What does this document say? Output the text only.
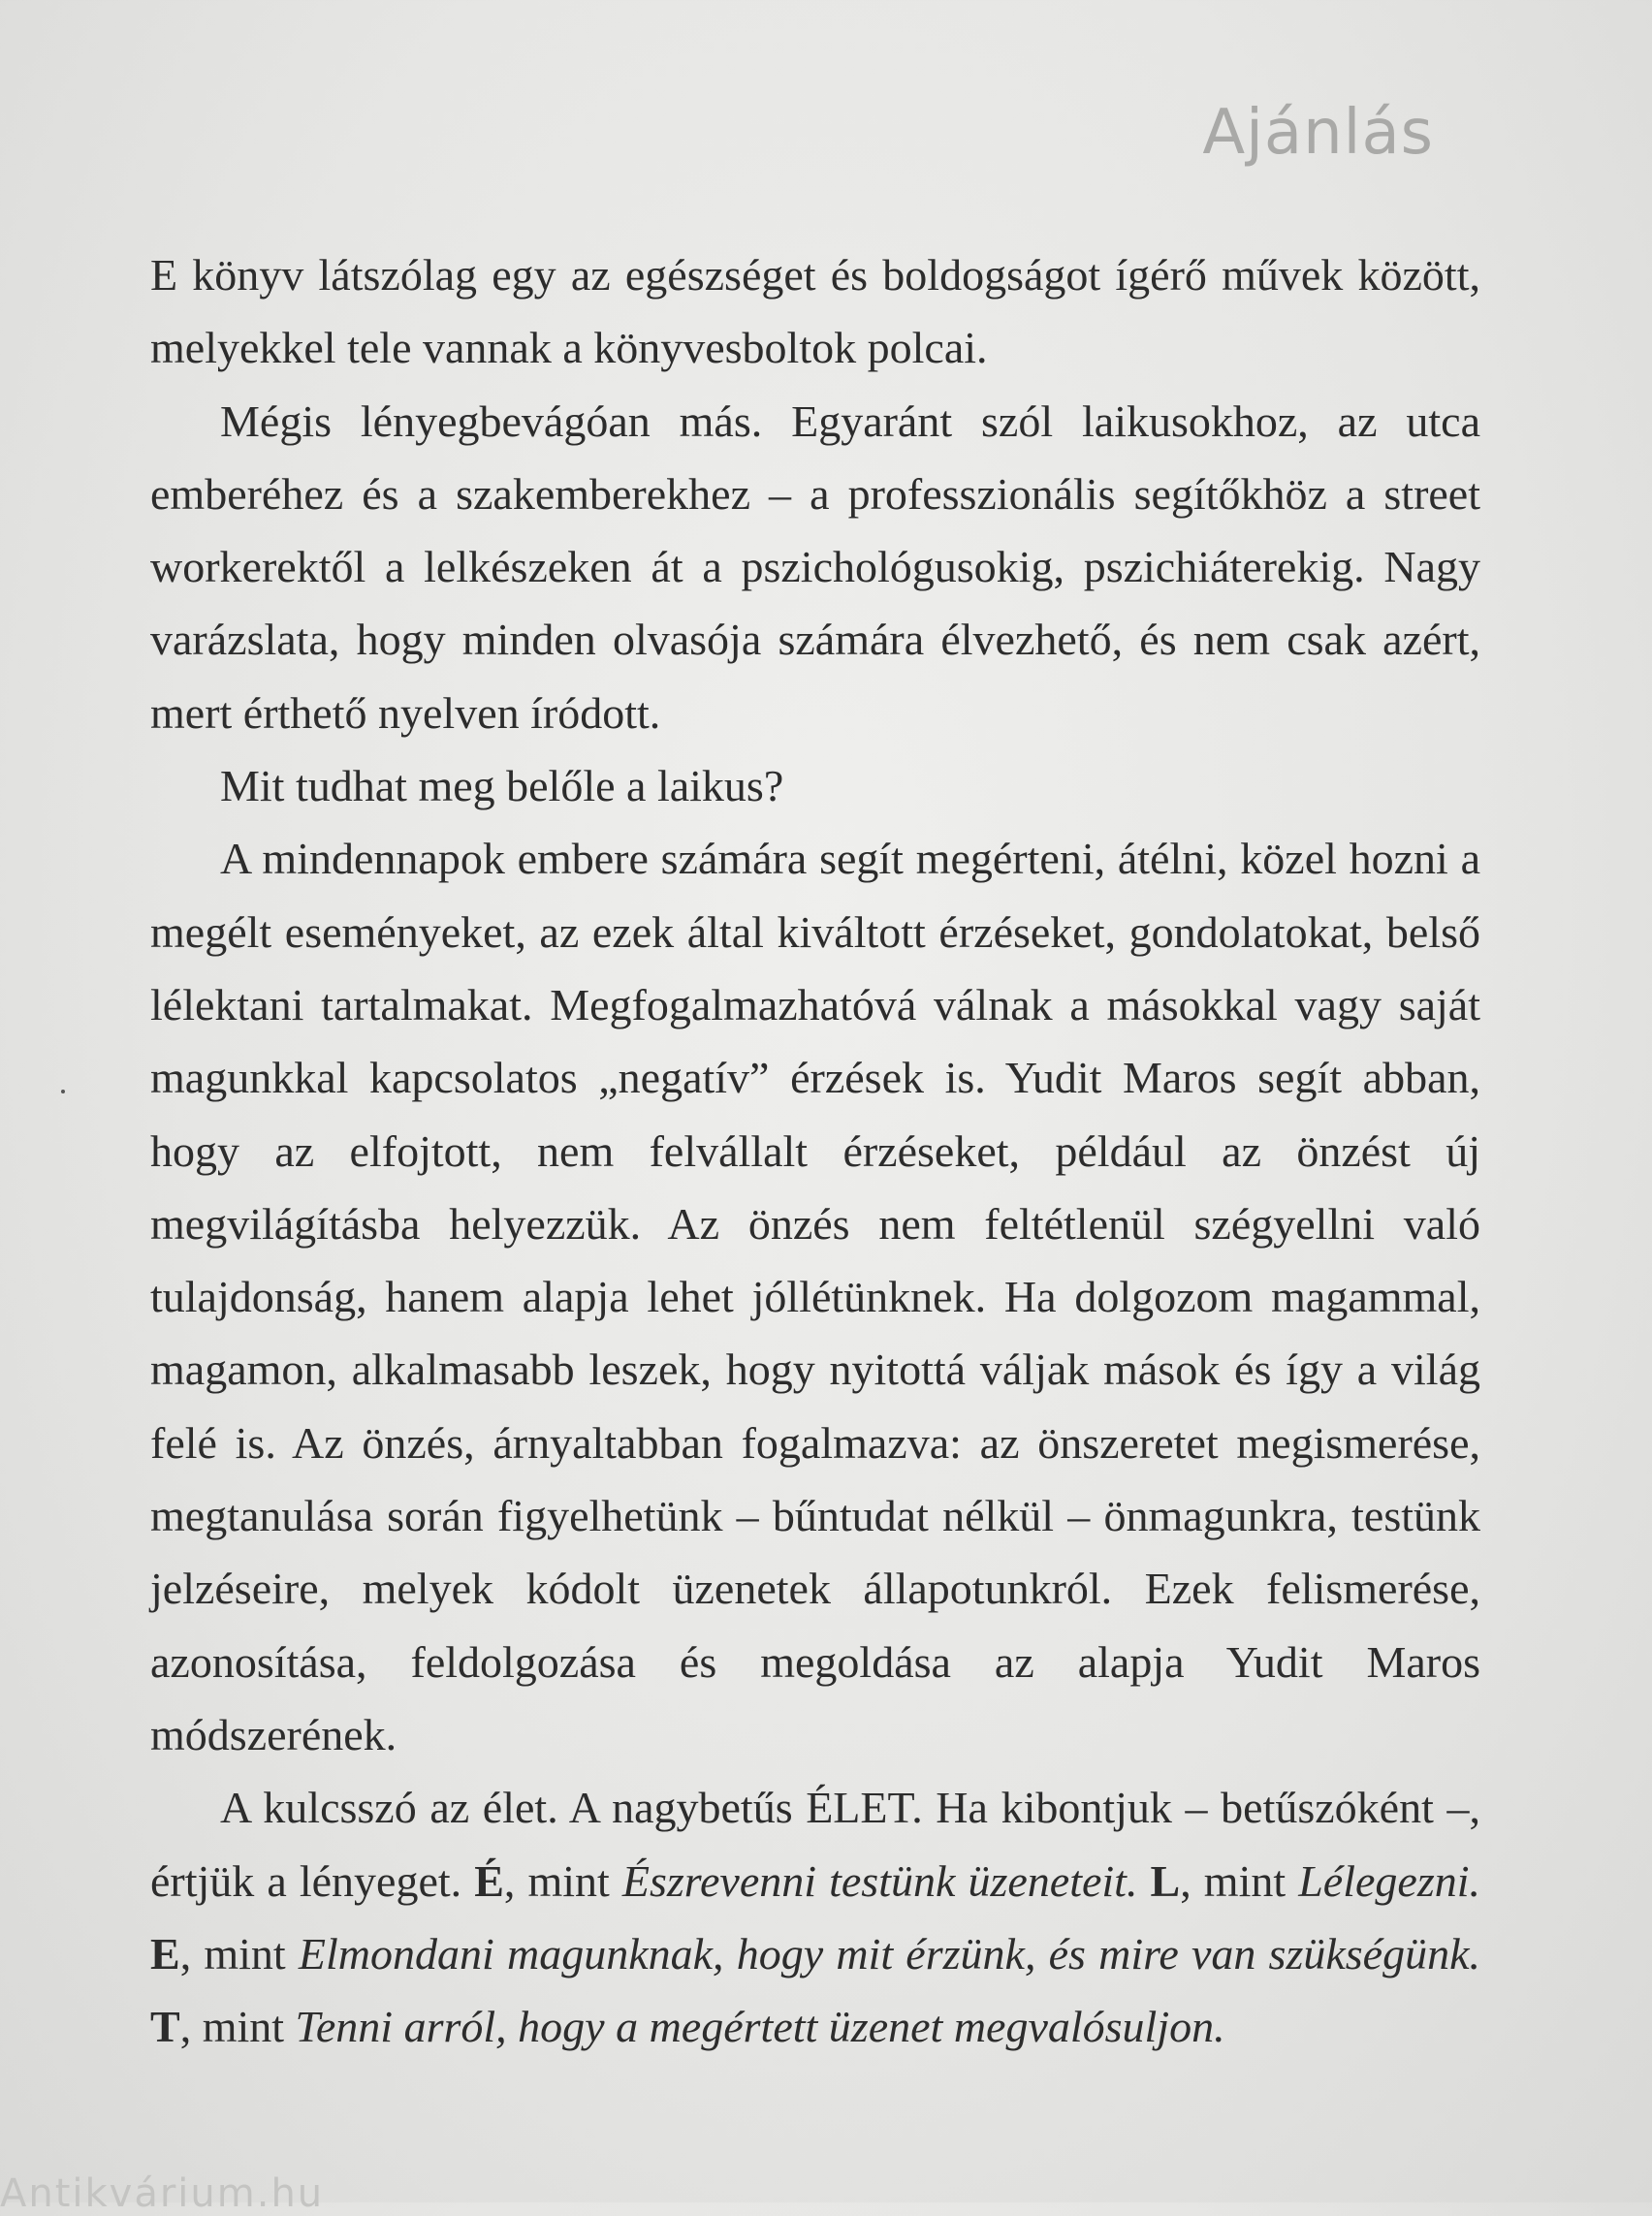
Ajánlás

E könyv látszólag egy az egészséget és boldogságot ígérő művek között, melyekkel tele vannak a könyvesboltok polcai.

Mégis lényegbevágóan más. Egyaránt szól laikusokhoz, az utca emberéhez és a szakemberekhez – a professzionális segítőkhöz a street workerektől a lelkészeken át a pszichológusokig, pszichiáterekig. Nagy varázslata, hogy minden olvasója számára élvezhető, és nem csak azért, mert érthető nyelven íródott.

Mit tudhat meg belőle a laikus?

A mindennapok embere számára segít megérteni, átélni, közel hozni a megélt eseményeket, az ezek által kiváltott érzéseket, gondolatokat, belső lélektani tartalmakat. Megfogalmazhatóvá válnak a másokkal vagy saját magunkkal kapcsolatos „negatív” érzések is. Yudit Maros segít abban, hogy az elfojtott, nem felvállalt érzéseket, például az önzést új megvilágításba helyezzük. Az önzés nem feltétlenül szégyellni való tulajdonság, hanem alapja lehet jóllétünknek. Ha dolgozom magammal, magamon, alkalmasabb leszek, hogy nyitottá váljak mások és így a világ felé is. Az önzés, árnyaltabban fogalmazva: az önszeretet megismerése, megtanulása során figyelhetünk – bűntudat nélkül – önmagunkra, testünk jelzéseire, melyek kódolt üzenetek állapotunkról. Ezek felismerése, azonosítása, feldolgozása és megoldása az alapja Yudit Maros módszerének.

A kulcsszó az élet. A nagybetűs ÉLET. Ha kibontjuk – betűszóként –, értjük a lényeget. É, mint Észrevenni testünk üzeneteit. L, mint Lélegezni. E, mint Elmondani magunknak, hogy mit érzünk, és mire van szükségünk. T, mint Tenni arról, hogy a megértett üzenet megvalósuljon.

Antikvárium.hu
